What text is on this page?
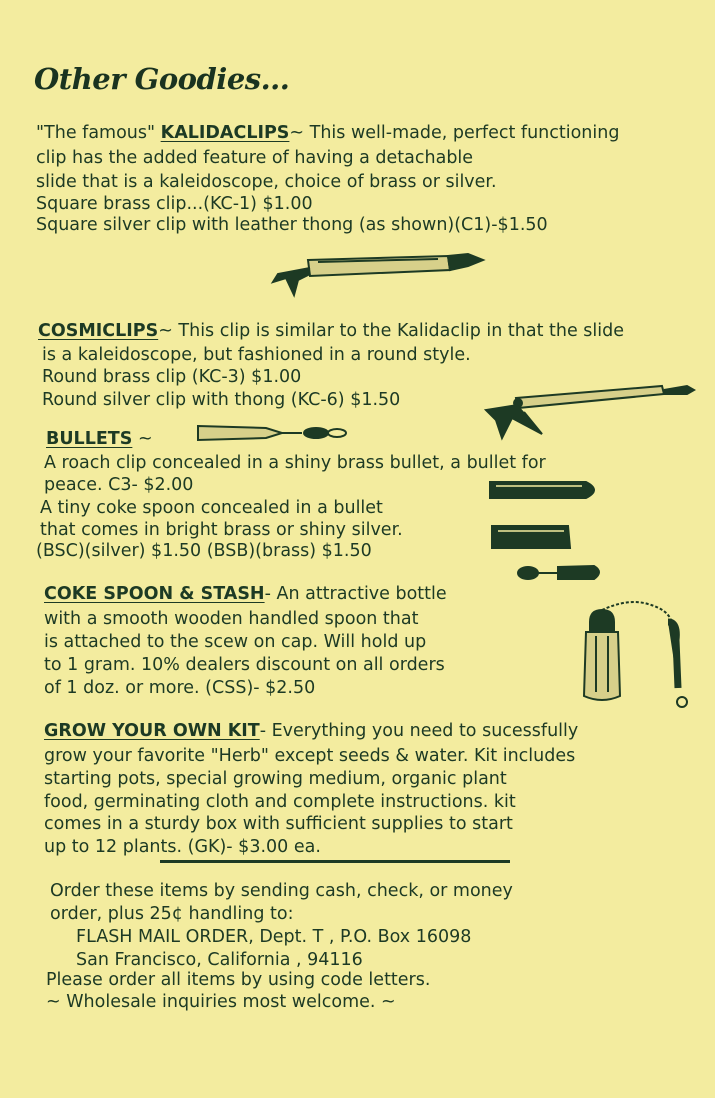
Other Goodies...
"The famous" KALIDACLIPS~ This well-made, perfect functioning
clip has the added feature of having a detachable
slide that is a kaleidoscope, choice of brass or silver.
Square brass clip...(KC-1) $1.00
Square silver clip with leather thong (as shown)(C1)-$1.50
COSMICLIPS~ This clip is similar to the Kalidaclip in that the slide
is a kaleidoscope, but fashioned in a round style.
Round brass clip (KC-3) $1.00
Round silver clip with thong (KC-6) $1.50
BULLETS ~
A roach clip concealed in a shiny brass bullet, a bullet for
peace. C3- $2.00
A tiny coke spoon concealed in a bullet
that comes in bright brass or shiny silver.
(BSC)(silver) $1.50 (BSB)(brass) $1.50
COKE SPOON & STASH- An attractive bottle
with a smooth wooden handled spoon that
is attached to the scew on cap. Will hold up
to 1 gram. 10% dealers discount on all orders
of 1 doz. or more. (CSS)- $2.50
GROW YOUR OWN KIT- Everything you need to sucessfully
grow your favorite "Herb" except seeds & water. Kit includes
starting pots, special growing medium, organic plant
food, germinating cloth and complete instructions. kit
comes in a sturdy box with sufficient supplies to start
up to 12 plants. (GK)- $3.00 ea.
Order these items by sending cash, check, or money
order, plus 25¢ handling to:
FLASH MAIL ORDER, Dept. T , P.O. Box 16098
San Francisco, California , 94116
Please order all items by using code letters.
~ Wholesale inquiries most welcome. ~
